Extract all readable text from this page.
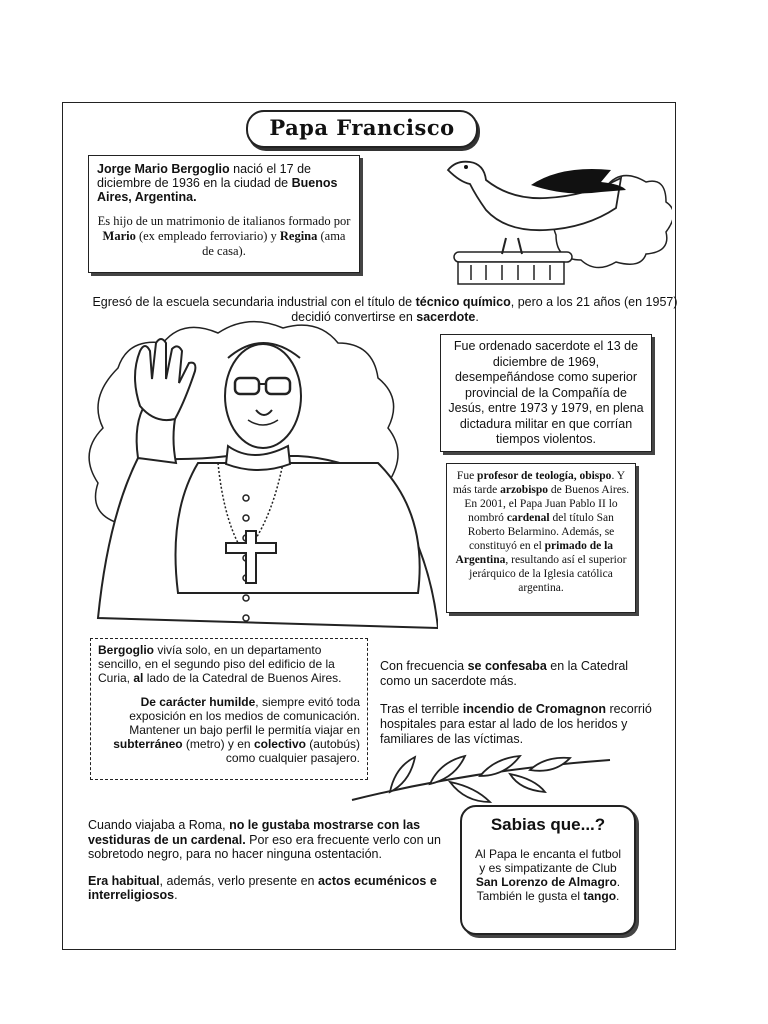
Papa Francisco
Jorge Mario Bergoglio nació el 17 de diciembre de 1936 en la ciudad de Buenos Aires, Argentina.
Es hijo de un matrimonio de italianos formado por Mario (ex empleado ferroviario) y Regina (ama de casa).
Egresó de la escuela secundaria industrial con el título de técnico químico, pero a los 21 años (en 1957) decidió convertirse en sacerdote.
Fue ordenado sacerdote el 13 de diciembre de 1969, desempeñándose como superior provincial de la Compañía de Jesús, entre 1973 y 1979, en plena dictadura militar en que corrían tiempos violentos.
Fue profesor de teología, obispo. Y más tarde arzobispo de Buenos Aires. En 2001, el Papa Juan Pablo II lo nombró cardenal del título San Roberto Belarmino. Además, se constituyó en el primado de la Argentina, resultando así el superior jerárquico de la Iglesia católica argentina.
Bergoglio vivía solo, en un departamento sencillo, en el segundo piso del edificio de la Curia, al lado de la Catedral de Buenos Aires.
De carácter humilde, siempre evitó toda exposición en los medios de comunicación. Mantener un bajo perfil le permitía viajar en subterráneo (metro) y en colectivo (autobús) como cualquier pasajero.
Con frecuencia se confesaba en la Catedral como un sacerdote más.
Tras el terrible incendio de Cromagnon recorrió hospitales para estar al lado de los heridos y familiares de las víctimas.
Cuando viajaba a Roma, no le gustaba mostrarse con las vestiduras de un cardenal. Por eso era frecuente verlo con un sobretodo negro, para no hacer ninguna ostentación.
Era habitual, además, verlo presente en actos ecuménicos e interreligiosos.
Sabias que...?

Al Papa le encanta el futbol y es simpatizante de Club San Lorenzo de Almagro. También le gusta el tango.
